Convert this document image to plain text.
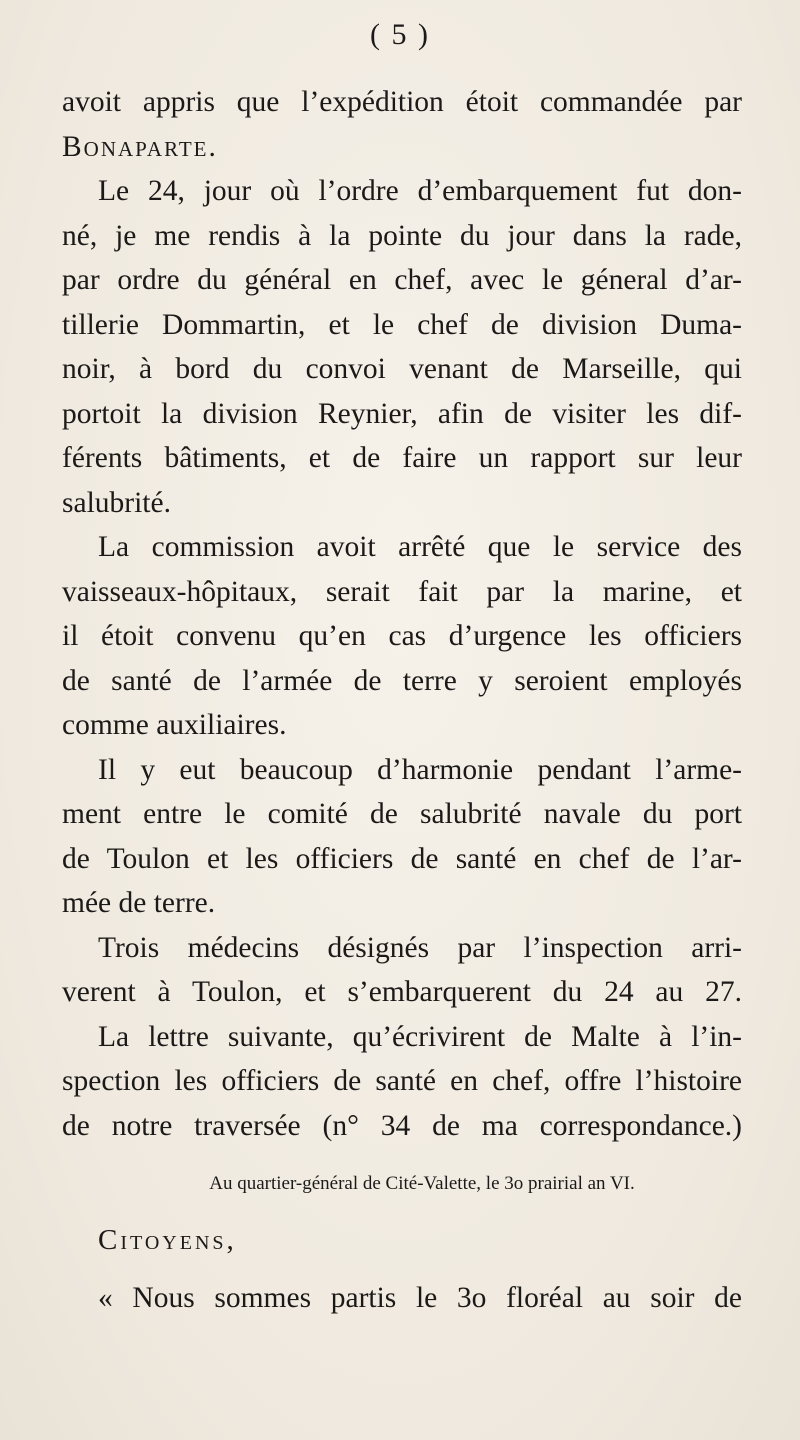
( 5 )
avoit appris que l’expédition étoit commandée par
Bonaparte.
Le 24, jour où l’ordre d’embarquement fut don-
né, je me rendis à la pointe du jour dans la rade,
par ordre du général en chef, avec le géneral d’ar-
tillerie Dommartin, et le chef de division Duma-
noir, à bord du convoi venant de Marseille, qui
portoit la division Reynier, afin de visiter les dif-
férents bâtiments, et de faire un rapport sur leur
salubrité.
La commission avoit arrêté que le service des
vaisseaux-hôpitaux, serait fait par la marine, et
il étoit convenu qu’en cas d’urgence les officiers
de santé de l’armée de terre y seroient employés
comme auxiliaires.
Il y eut beaucoup d’harmonie pendant l’arme-
ment entre le comité de salubrité navale du port
de Toulon et les officiers de santé en chef de l’ar-
mée de terre.
Trois médecins désignés par l’inspection arri-
verent à Toulon, et s’embarquerent du 24 au 27.
La lettre suivante, qu’écrivirent de Malte à l’in-
spection les officiers de santé en chef, offre l’histoire
de notre traversée (n° 34 de ma correspondance.)
Au quartier-général de Cité-Valette, le 3o prairial an VI.
Citoyens,
« Nous sommes partis le 3o floréal au soir de
